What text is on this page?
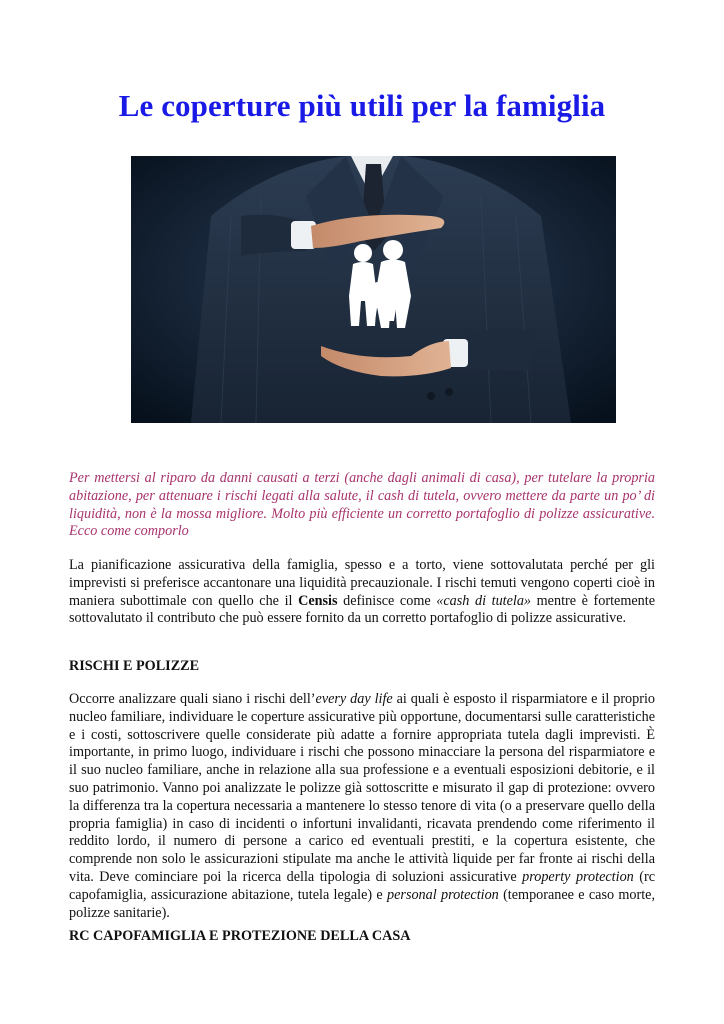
Le coperture più utili per la famiglia

Per mettersi al riparo da danni causati a terzi (anche dagli animali di casa), per tutelare la propria abitazione, per attenuare i rischi legati alla salute, il cash di tutela, ovvero mettere da parte un po’ di liquidità, non è la mossa migliore. Molto più efficiente un corretto portafoglio di polizze assicurative. Ecco come comporlo

La pianificazione assicurativa della famiglia, spesso e a torto, viene sottovalutata perché per gli imprevisti si preferisce accantonare una liquidità precauzionale. I rischi temuti vengono coperti cioè in maniera subottimale con quello che il Censis definisce come «cash di tutela» mentre è fortemente sottovalutato il contributo che può essere fornito da un corretto portafoglio di polizze assicurative.

RISCHI E POLIZZE

Occorre analizzare quali siano i rischi dell’every day life ai quali è esposto il risparmiatore e il proprio nucleo familiare, individuare le coperture assicurative più opportune, documentarsi sulle caratteristiche e i costi, sottoscrivere quelle considerate più adatte a fornire appropriata tutela dagli imprevisti. È importante, in primo luogo, individuare i rischi che possono minacciare la persona del risparmiatore e il suo nucleo familiare, anche in relazione alla sua professione e a eventuali esposizioni debitorie, e il suo patrimonio. Vanno poi analizzate le polizze già sottoscritte e misurato il gap di protezione: ovvero la differenza tra la copertura necessaria a mantenere lo stesso tenore di vita (o a preservare quello della propria famiglia) in caso di incidenti o infortuni invalidanti, ricavata prendendo come riferimento il reddito lordo, il numero di persone a carico ed eventuali prestiti, e la copertura esistente, che comprende non solo le assicurazioni stipulate ma anche le attività liquide per far fronte ai rischi della vita. Deve cominciare poi la ricerca della tipologia di soluzioni assicurative property protection (rc capofamiglia, assicurazione abitazione, tutela legale) e personal protection (temporanee e caso morte, polizze sanitarie).

RC CAPOFAMIGLIA E PROTEZIONE DELLA CASA
